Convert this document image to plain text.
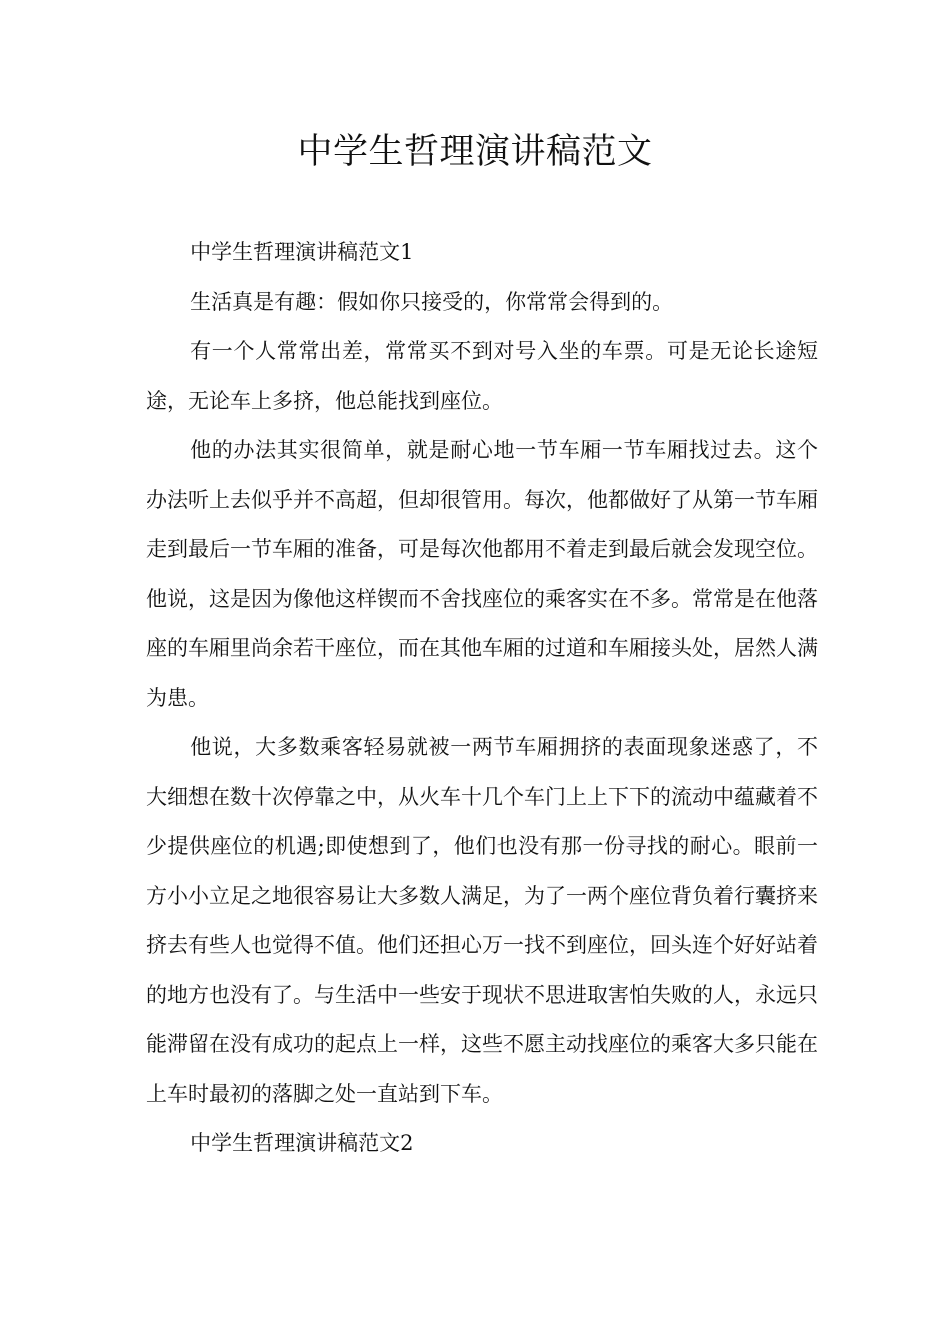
中学生哲理演讲稿范文

中学生哲理演讲稿范文1

生活真是有趣：假如你只接受的，你常常会得到的。

有一个人常常出差，常常买不到对号入坐的车票。可是无论长途短途，无论车上多挤，他总能找到座位。

他的办法其实很简单，就是耐心地一节车厢一节车厢找过去。这个办法听上去似乎并不高超，但却很管用。每次，他都做好了从第一节车厢走到最后一节车厢的准备，可是每次他都用不着走到最后就会发现空位。他说，这是因为像他这样锲而不舍找座位的乘客实在不多。常常是在他落座的车厢里尚余若干座位，而在其他车厢的过道和车厢接头处，居然人满为患。

他说，大多数乘客轻易就被一两节车厢拥挤的表面现象迷惑了，不大细想在数十次停靠之中，从火车十几个车门上上下下的流动中蕴藏着不少提供座位的机遇;即使想到了，他们也没有那一份寻找的耐心。眼前一方小小立足之地很容易让大多数人满足，为了一两个座位背负着行囊挤来挤去有些人也觉得不值。他们还担心万一找不到座位，回头连个好好站着的地方也没有了。与生活中一些安于现状不思进取害怕失败的人，永远只能滞留在没有成功的起点上一样，这些不愿主动找座位的乘客大多只能在上车时最初的落脚之处一直站到下车。

中学生哲理演讲稿范文2
